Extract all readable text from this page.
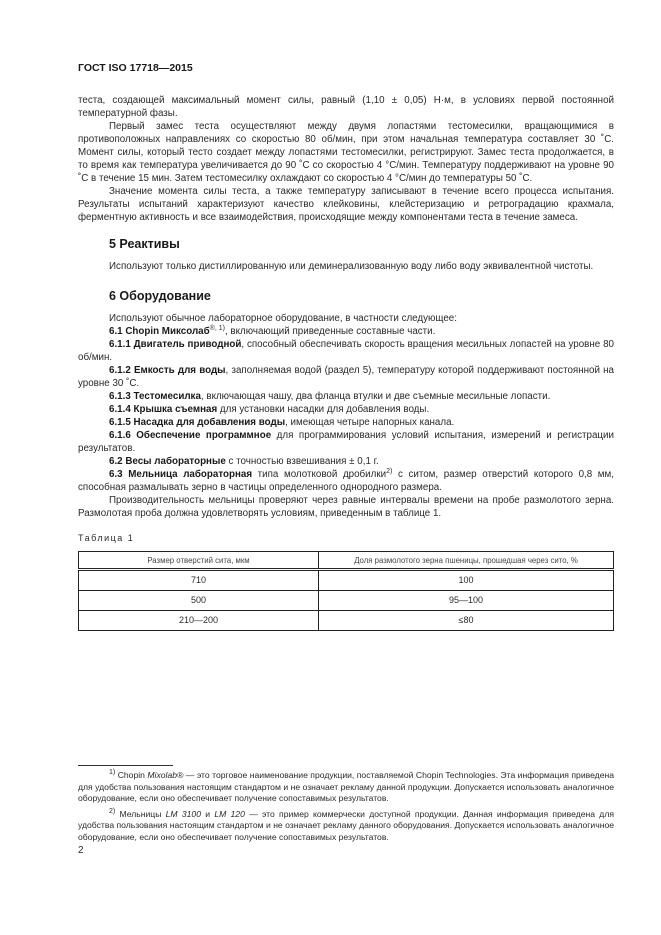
ГОСТ ISO 17718—2015

теста, создающей максимальный момент силы, равный (1,10 ± 0,05) Н·м, в условиях первой постоянной температурной фазы.

Первый замес теста осуществляют между двумя лопастями тестомесилки, вращающимися в противоположных направлениях со скоростью 80 об/мин, при этом начальная температура составляет 30 ˚С. Момент силы, который тесто создает между лопастями тестомесилки, регистрируют. Замес теста продолжается, в то время как температура увеличивается до 90 ˚С со скоростью 4 °С/мин. Температуру поддерживают на уровне 90 ˚С в течение 15 мин. Затем тестомесилку охлаждают со скоростью 4 °С/мин до температуры 50 ˚С.

Значение момента силы теста, а также температуру записывают в течение всего процесса испытания. Результаты испытаний характеризуют качество клейковины, клейстеризацию и ретроградацию крахмала, ферментную активность и все взаимодействия, происходящие между компонентами теста в течение замеса.

5 Реактивы

Используют только дистиллированную или деминерализованную воду либо воду эквивалентной чистоты.

6 Оборудование

Используют обычное лабораторное оборудование, в частности следующее:

6.1 Chopin Миксолаб$^{®, 1)}$, включающий приведенные составные части.

6.1.1 Двигатель приводной, способный обеспечивать скорость вращения месильных лопастей на уровне 80 об/мин.

6.1.2 Емкость для воды, заполняемая водой (раздел 5), температуру которой поддерживают постоянной на уровне 30 ˚С.

6.1.3 Тестомесилка, включающая чашу, два фланца втулки и две съемные месильные лопасти.

6.1.4 Крышка съемная для установки насадки для добавления воды.

6.1.5 Насадка для добавления воды, имеющая четыре напорных канала.

6.1.6 Обеспечение программное для программирования условий испытания, измерений и регистрации результатов.

6.2 Весы лабораторные с точностью взвешивания ± 0,1 г.

6.3 Мельница лабораторная типа молотковой дробилки$^{2)}$ с ситом, размер отверстий которого 0,8 мм, способная размалывать зерно в частицы определенного однородного размера.

Производительность мельницы проверяют через равные интервалы времени на пробе размолотого зерна. Размолотая проба должна удовлетворять условиям, приведенным в таблице 1.

Таблица 1
Размер отверстий сита, мкм	Доля размолотого зерна пшеницы, прошедшая через сито, %
710	100
500	95—100
210—200	≤80

$^{1)}$ Chopin Mixolab® — это торговое наименование продукции, поставляемой Chopin Technologies. Эта информация приведена для удобства пользования настоящим стандартом и не означает рекламу данной продукции. Допускается использовать аналогичное оборудование, если оно обеспечивает получение сопоставимых результатов.

$^{2)}$ Мельницы LM 3100 и LM 120 — это пример коммерчески доступной продукции. Данная информация приведена для удобства пользования настоящим стандартом и не означает рекламу данного оборудования. Допускается использовать аналогичное оборудование, если оно обеспечивает получение сопоставимых результатов.

2
